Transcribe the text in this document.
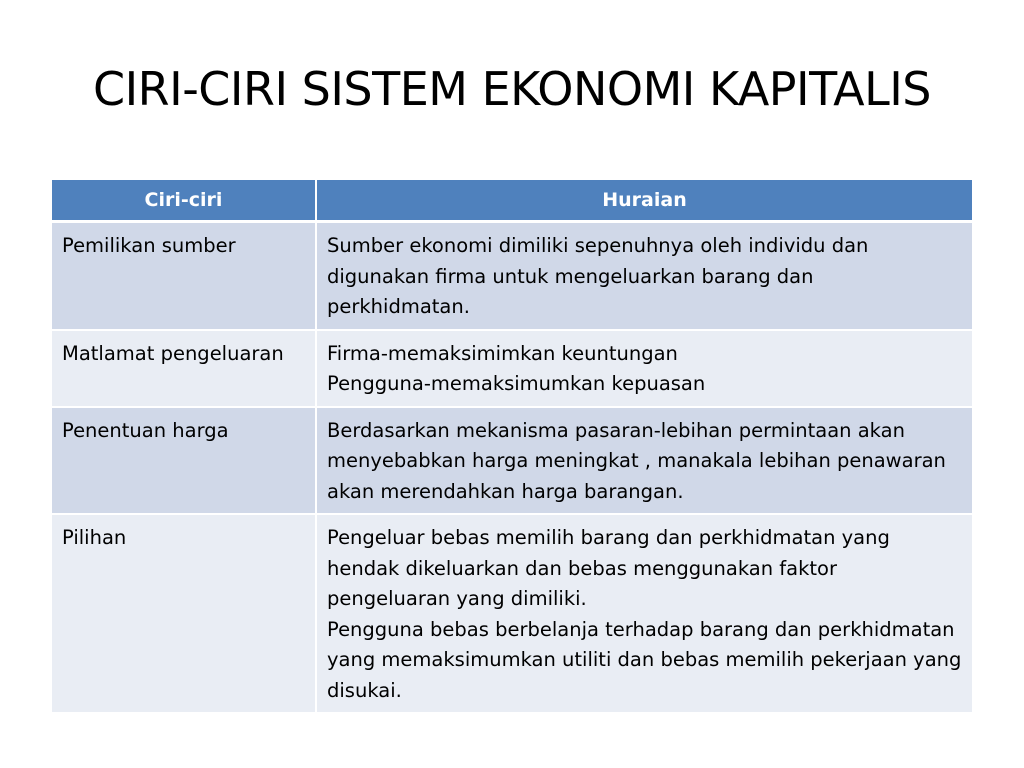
CIRI-CIRI SISTEM EKONOMI KAPITALIS
Ciri-ciri	Huraian
Pemilikan sumber	Sumber ekonomi dimiliki sepenuhnya oleh individu dan digunakan firma untuk mengeluarkan barang dan perkhidmatan.

Matlamat pengeluaran	Firma-memaksimimkan keuntungan
Pengguna-memaksimumkan kepuasan

Penentuan harga	Berdasarkan mekanisma pasaran-lebihan permintaan akan menyebabkan harga meningkat , manakala lebihan penawaran akan merendahkan harga barangan.

Pilihan	Pengeluar bebas memilih barang dan perkhidmatan yang hendak dikeluarkan dan bebas menggunakan faktor pengeluaran yang dimiliki.
Pengguna bebas berbelanja terhadap barang dan perkhidmatan yang memaksimumkan utiliti dan bebas memilih pekerjaan yang disukai.
